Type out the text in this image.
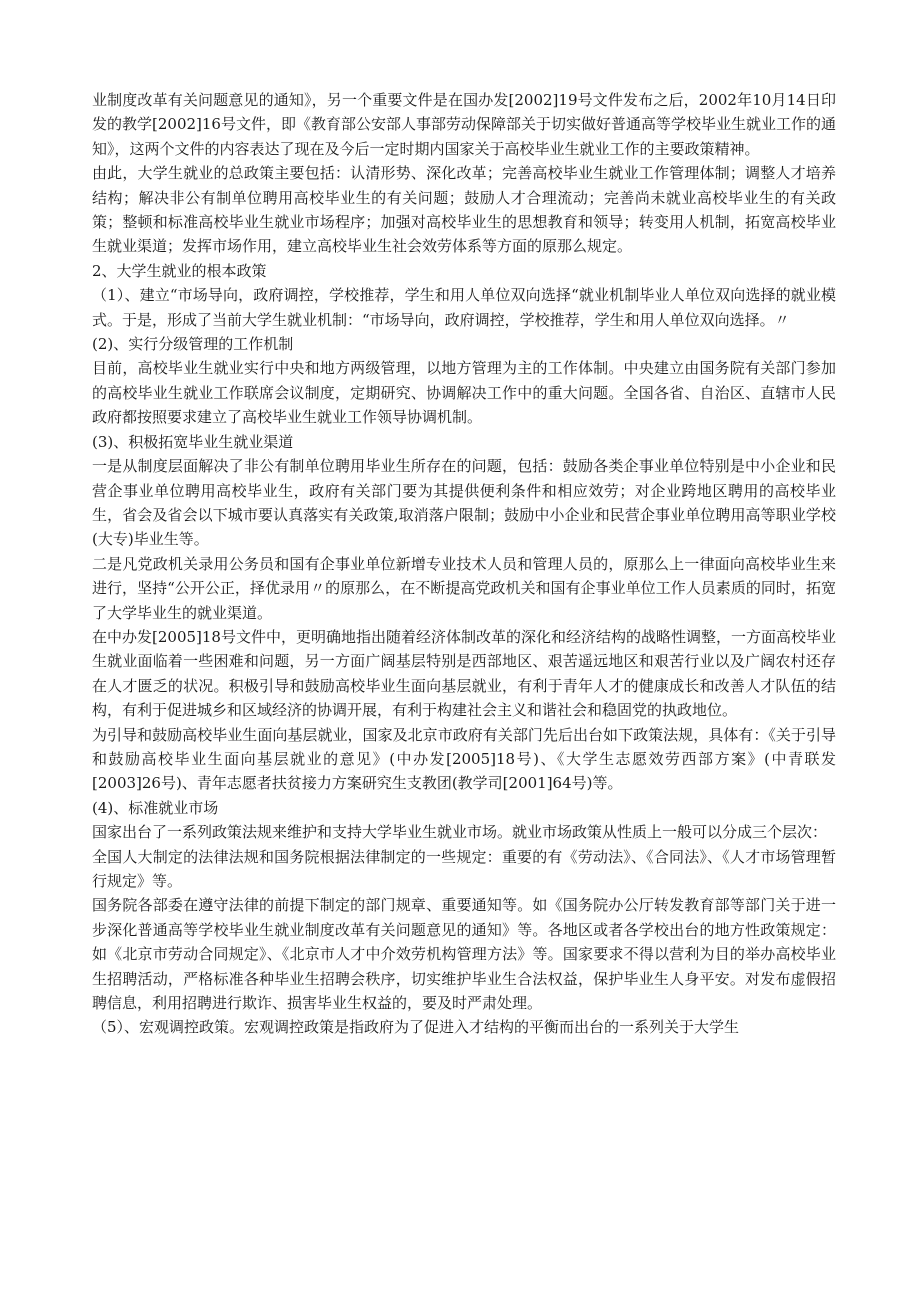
业制度改革有关问题意见的通知》，另一个重要文件是在国办发[2002]19号文件发布之后，2002年10月14日印发的教学[2002]16号文件，即《教育部公安部人事部劳动保障部关于切实做好普通高等学校毕业生就业工作的通知》，这两个文件的内容表达了现在及今后一定时期内国家关于高校毕业生就业工作的主要政策精神。

由此，大学生就业的总政策主要包括：认清形势、深化改革；完善高校毕业生就业工作管理体制；调整人才培养结构；解决非公有制单位聘用高校毕业生的有关问题；鼓励人才合理流动；完善尚未就业高校毕业生的有关政策；整顿和标准高校毕业生就业市场程序；加强对高校毕业生的思想教育和领导；转变用人机制，拓宽高校毕业生就业渠道；发挥市场作用，建立高校毕业生社会效劳体系等方面的原那么规定。

2、大学生就业的根本政策

（1）、建立“市场导向，政府调控，学校推荐，学生和用人单位双向选择“就业机制毕业人单位双向选择的就业模式。于是，形成了当前大学生就业机制：“市场导向，政府调控，学校推荐，学生和用人单位双向选择。〃

(2)、实行分级管理的工作机制

目前，高校毕业生就业实行中央和地方两级管理，以地方管理为主的工作体制。中央建立由国务院有关部门参加的高校毕业生就业工作联席会议制度，定期研究、协调解决工作中的重大问题。全国各省、自治区、直辖市人民政府都按照要求建立了高校毕业生就业工作领导协调机制。

(3)、积极拓宽毕业生就业渠道

一是从制度层面解决了非公有制单位聘用毕业生所存在的问题，包括：鼓励各类企事业单位特别是中小企业和民营企事业单位聘用高校毕业生，政府有关部门要为其提供便利条件和相应效劳；对企业跨地区聘用的高校毕业生，省会及省会以下城市要认真落实有关政策,取消落户限制；鼓励中小企业和民营企事业单位聘用高等职业学校(大专)毕业生等。

二是凡党政机关录用公务员和国有企事业单位新增专业技术人员和管理人员的，原那么上一律面向高校毕业生来进行，坚持“公开公正，择优录用〃的原那么，在不断提高党政机关和国有企事业单位工作人员素质的同时，拓宽了大学毕业生的就业渠道。

在中办发[2005]18号文件中，更明确地指出随着经济体制改革的深化和经济结构的战略性调整，一方面高校毕业生就业面临着一些困难和问题，另一方面广阔基层特别是西部地区、艰苦遥远地区和艰苦行业以及广阔农村还存在人才匮乏的状况。积极引导和鼓励高校毕业生面向基层就业，有利于青年人才的健康成长和改善人才队伍的结构，有利于促进城乡和区域经济的协调开展，有利于构建社会主义和谐社会和稳固党的执政地位。

为引导和鼓励高校毕业生面向基层就业，国家及北京市政府有关部门先后出台如下政策法规，具体有：《关于引导和鼓励高校毕业生面向基层就业的意见》(中办发[2005]18号)、《大学生志愿效劳西部方案》(中青联发[2003]26号)、青年志愿者扶贫接力方案研究生支教团(教学司[2001]64号)等。

(4)、标准就业市场

国家出台了一系列政策法规来维护和支持大学毕业生就业市场。就业市场政策从性质上一般可以分成三个层次：

全国人大制定的法律法规和国务院根据法律制定的一些规定：重要的有《劳动法》、《合同法》、《人才市场管理暂行规定》等。

国务院各部委在遵守法律的前提下制定的部门规章、重要通知等。如《国务院办公厅转发教育部等部门关于进一步深化普通高等学校毕业生就业制度改革有关问题意见的通知》等。各地区或者各学校出台的地方性政策规定：如《北京市劳动合同规定》、《北京市人才中介效劳机构管理方法》等。国家要求不得以营利为目的举办高校毕业生招聘活动，严格标准各种毕业生招聘会秩序，切实维护毕业生合法权益，保护毕业生人身平安。对发布虚假招聘信息，利用招聘进行欺诈、损害毕业生权益的，要及时严肃处理。

（5）、宏观调控政策。宏观调控政策是指政府为了促进入才结构的平衡而出台的一系列关于大学生
